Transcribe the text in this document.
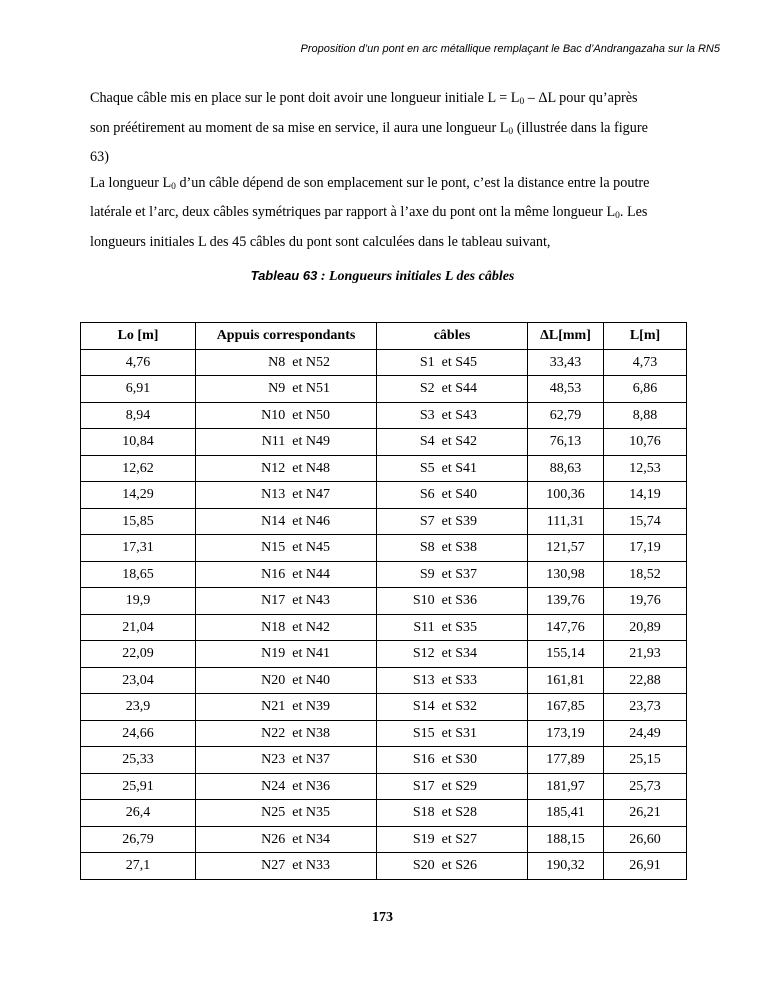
Proposition d’un pont en arc métallique remplaçant le Bac d’Andrangazaha sur la RN5

Chaque câble mis en place sur le pont doit avoir une longueur initiale $L = L_0 - \Delta L$ pour qu’après
son préétirement au moment de sa mise en service, il aura une longueur $L_0$ (illustrée dans la figure
63)

La longueur $L_0$ d’un câble dépend de son emplacement sur le pont, c’est la distance entre la poutre
latérale et l’arc, deux câbles symétriques par rapport à l’axe du pont ont la même longueur $L_0$. Les
longueurs initiales L des 45 câbles du pont sont calculées dans le tableau suivant,

Tableau 63 : Longueurs initiales L des câbles
Lo [m]	Appuis correspondants	câbles	ΔL[mm]	L[m]
4,76	N8  et N52	S1  et S45	33,43	4,73
6,91	N9  et N51	S2  et S44	48,53	6,86
8,94	N10  et N50	S3  et S43	62,79	8,88
10,84	N11  et N49	S4  et S42	76,13	10,76
12,62	N12  et N48	S5  et S41	88,63	12,53
14,29	N13  et N47	S6  et S40	100,36	14,19
15,85	N14  et N46	S7  et S39	111,31	15,74
17,31	N15  et N45	S8  et S38	121,57	17,19
18,65	N16  et N44	S9  et S37	130,98	18,52
19,9	N17  et N43	S10  et S36	139,76	19,76
21,04	N18  et N42	S11  et S35	147,76	20,89
22,09	N19  et N41	S12  et S34	155,14	21,93
23,04	N20  et N40	S13  et S33	161,81	22,88
23,9	N21  et N39	S14  et S32	167,85	23,73
24,66	N22  et N38	S15  et S31	173,19	24,49
25,33	N23  et N37	S16  et S30	177,89	25,15
25,91	N24  et N36	S17  et S29	181,97	25,73
26,4	N25  et N35	S18  et S28	185,41	26,21
26,79	N26  et N34	S19  et S27	188,15	26,60
27,1	N27  et N33	S20  et S26	190,32	26,91
173
